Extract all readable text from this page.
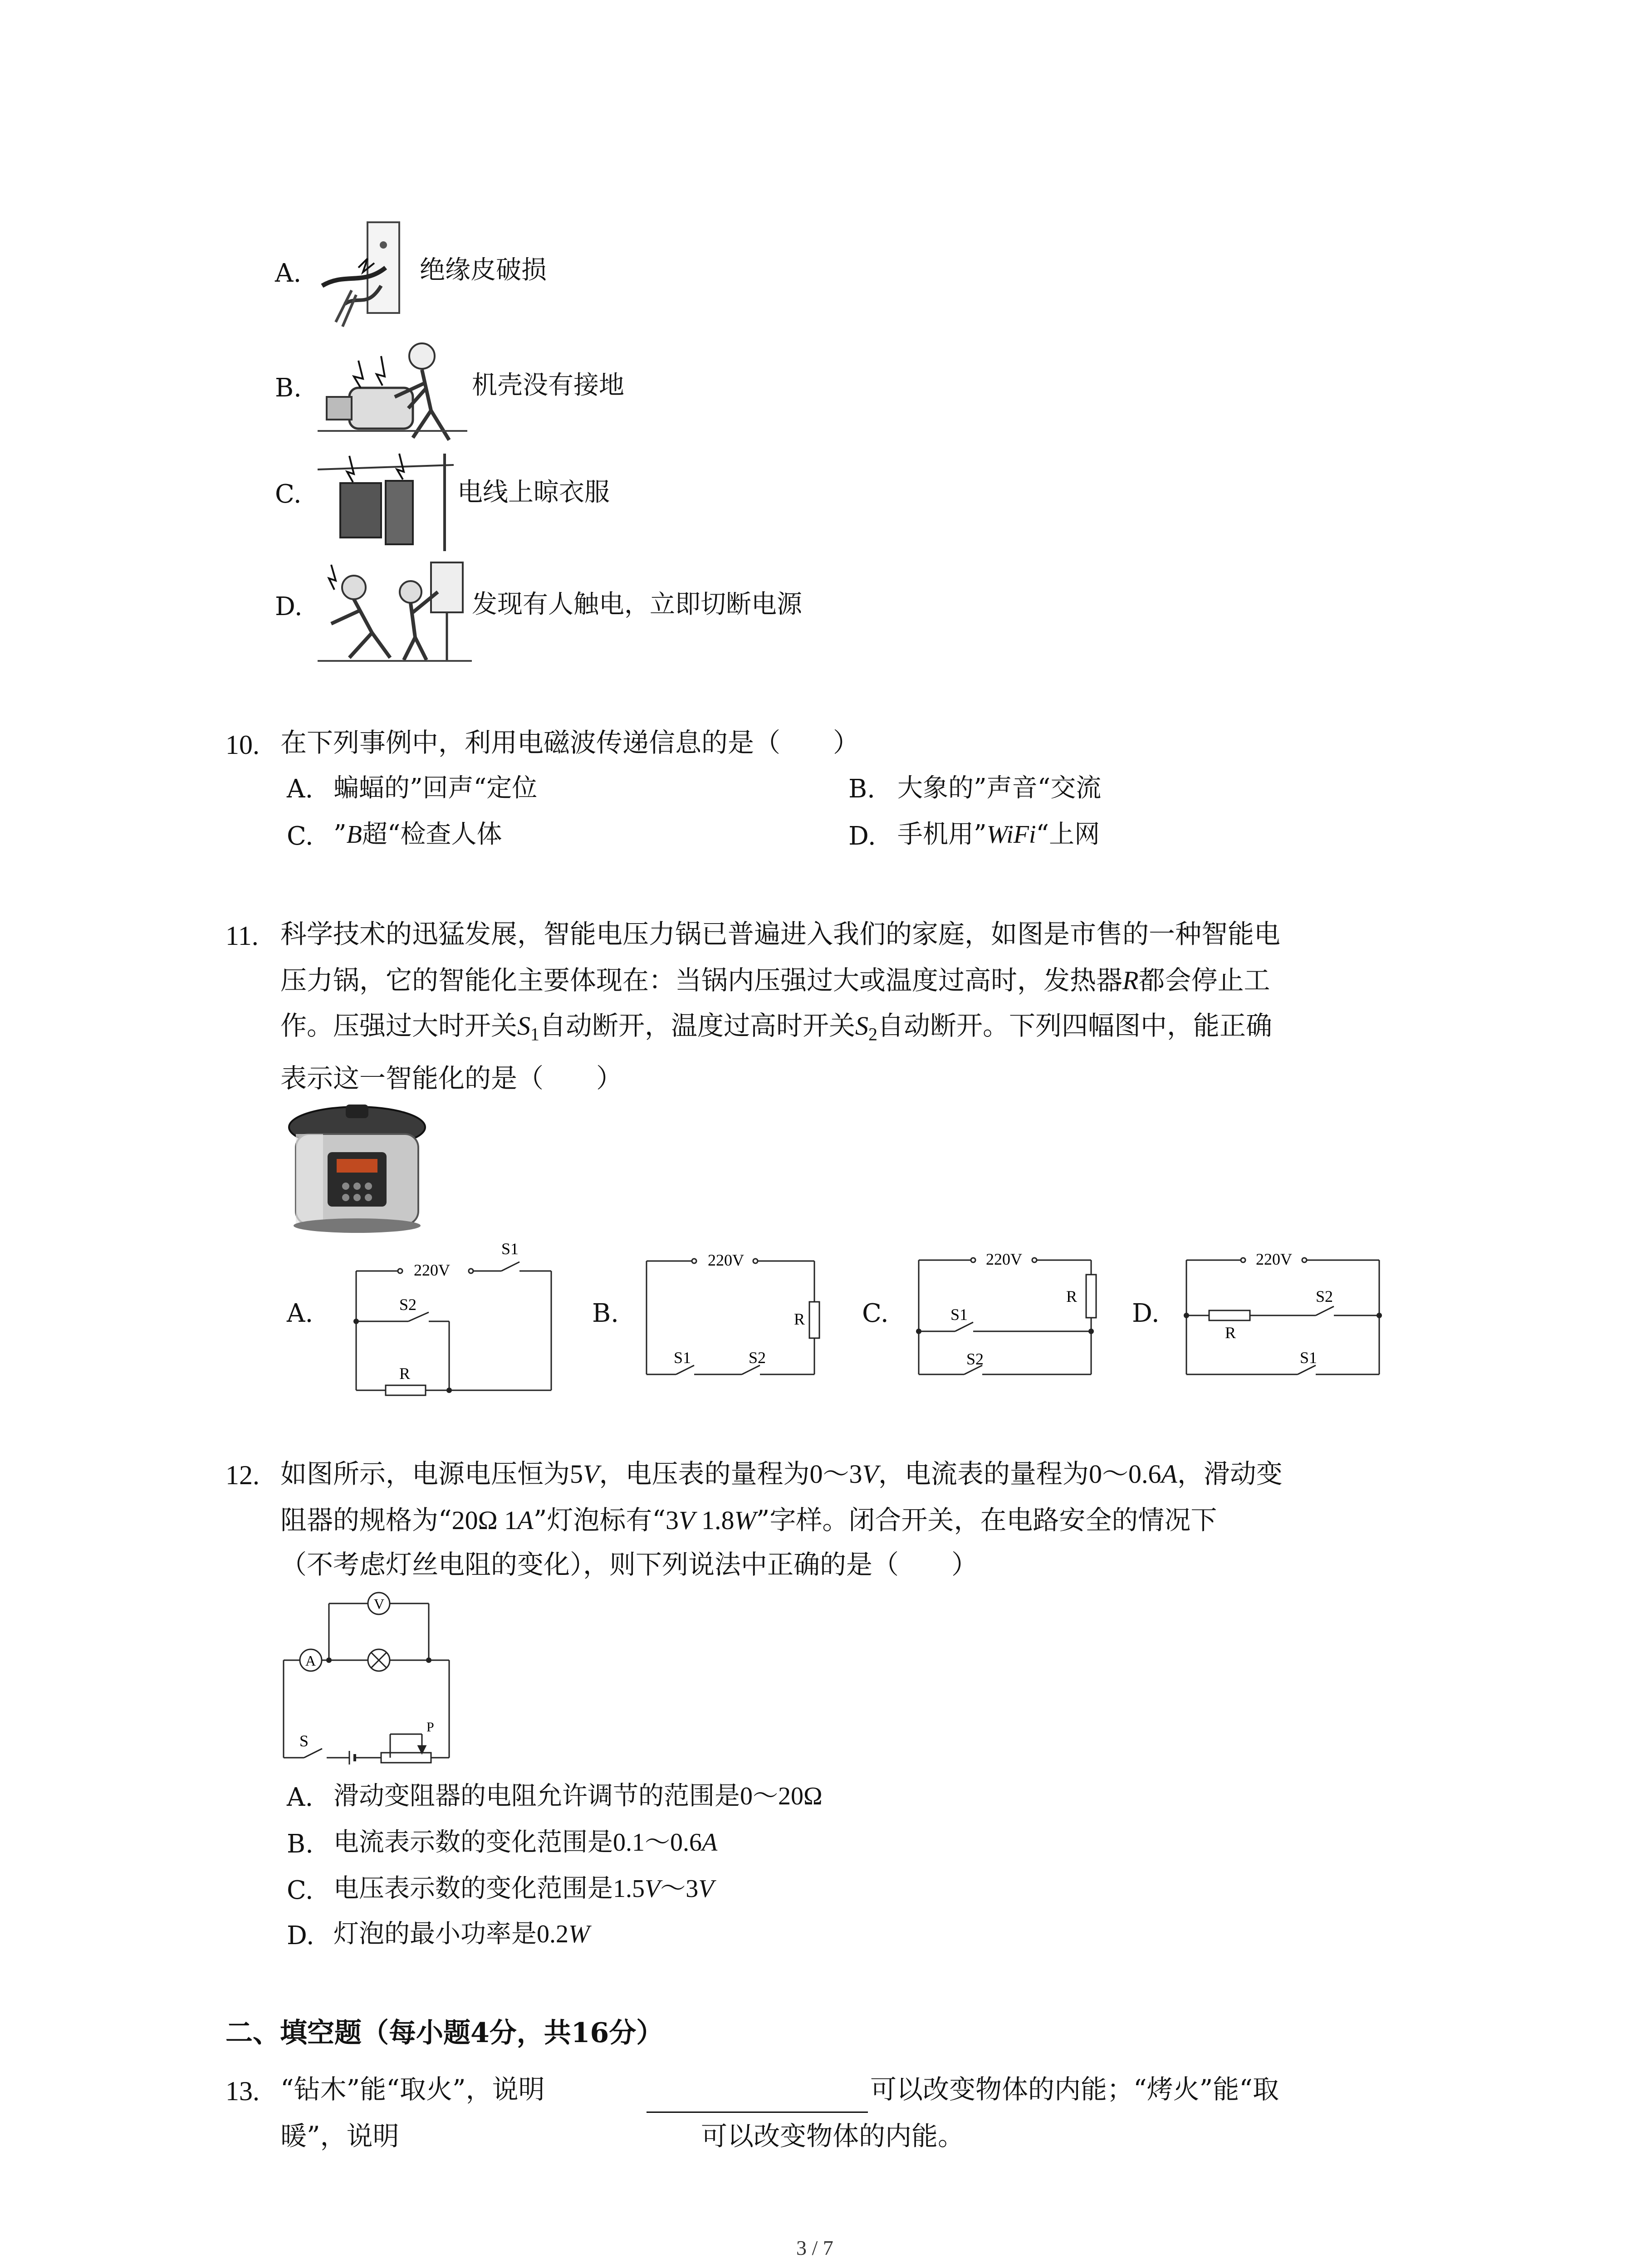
A.	绝缘皮破损
B.	机壳没有接地
C.	电线上晾衣服
D.	发现有人触电，立即切断电源
10. 在下列事例中，利用电磁波传递信息的是（　　）
A. 蝙蝠的”回声“定位	B. 大象的”声音“交流
C. ”B超“检查人体	D. 手机用”WiFi“上网
11. 科学技术的迅猛发展，智能电压力锅已普遍进入我们的家庭，如图是市售的一种智能电
压力锅，它的智能化主要体现在：当锅内压强过大或温度过高时，发热器R都会停止工
作。压强过大时开关$S_1$自动断开，温度过高时开关$S_2$自动断开。下列四幅图中，能正确
表示这一智能化的是（　　）
A.
220V
S1
S2
R
B.
220V
R
S1	S2
C.
220V
R
S1
S2
D.
220V
R
S2
S1
12. 如图所示，电源电压恒为5V，电压表的量程为0～3V，电流表的量程为0～0.6A，滑动变
阻器的规格为“20Ω 1A”灯泡标有“3V 1.8W”字样。闭合开关，在电路安全的情况下
（不考虑灯丝电阻的变化），则下列说法中正确的是（　　）
V
A
S
P
A. 滑动变阻器的电阻允许调节的范围是0～20Ω
B. 电流表示数的变化范围是0.1～0.6A
C. 电压表示数的变化范围是1.5V～3V
D. 灯泡的最小功率是0.2W
二、填空题（每小题4分，共16分）
13. “钻木”能“取火”，说明	可以改变物体的内能；“烤火”能“取
暖”，说明	可以改变物体的内能。
3 / 7
